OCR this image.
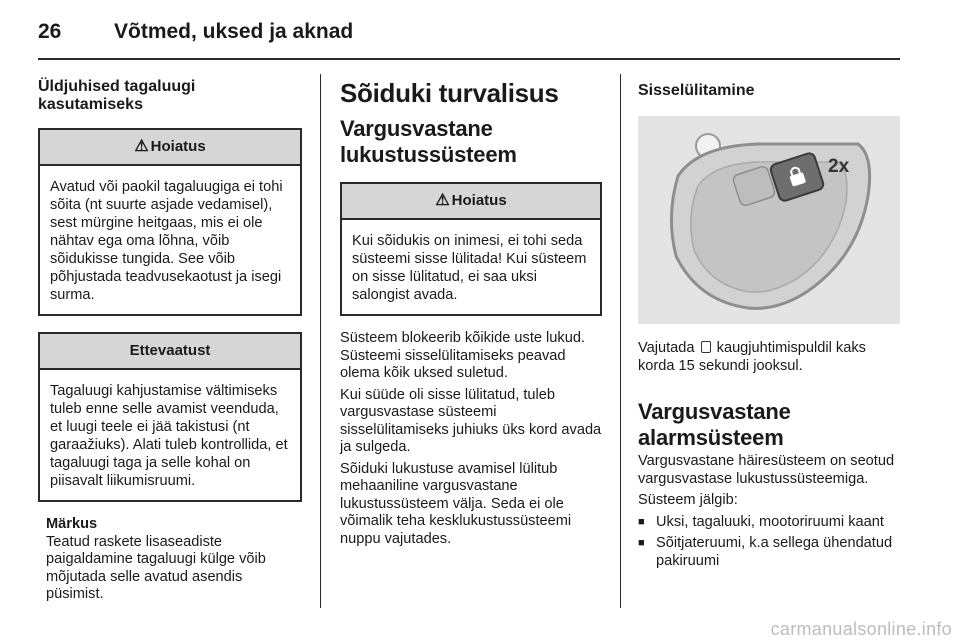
26	Võtmed, uksed ja aknad
Üldjuhised tagaluugi kasutamiseks
⚠ Hoiatus
Avatud või paokil tagaluugiga ei tohi sõita (nt suurte asjade vedamisel), sest mürgine heitgaas, mis ei ole nähtav ega oma lõhna, võib sõidukisse tungida. See võib põhjustada teadvusekaotust ja isegi surma.
Ettevaatust
Tagaluugi kahjustamise vältimiseks tuleb enne selle avamist veenduda, et luugi teele ei jää takistusi (nt garaažiuks). Alati tuleb kontrollida, et tagaluugi taga ja selle kohal on piisavalt liikumisruumi.
Märkus

Teatud raskete lisaseadiste paigaldamine tagaluugi külge võib mõjutada selle avatud asendis püsimist.

Sõiduki turvalisus
Vargusvastane lukustussüsteem
⚠ Hoiatus
Kui sõidukis on inimesi, ei tohi seda süsteemi sisse lülitada! Kui süsteem on sisse lülitatud, ei saa uksi salongist avada.

Süsteem blokeerib kõikide uste lukud. Süsteemi sisselülitamiseks peavad olema kõik uksed suletud.

Kui süüde oli sisse lülitatud, tuleb vargusvastase süsteemi sisselülitamiseks juhiuks üks kord avada ja sulgeda.

Sõiduki lukustuse avamisel lülitub mehaaniline vargusvastane lukustussüsteem välja. Seda ei ole võimalik teha kesklukustussüsteemi nuppu vajutades.

Sisselülitamine
2x

Vajutada kaugjuhtimispuldil kaks korda 15 sekundi jooksul.

Vargusvastane alarmsüsteem

Vargusvastane häiresüsteem on seotud vargusvastase lukustussüsteemiga.

Süsteem jälgib:

■ Uksi, tagaluuki, mootoriruumi kaant
■ Sõitjateruumi, k.a sellega ühendatud pakiruumi
carmanualsonline.info
